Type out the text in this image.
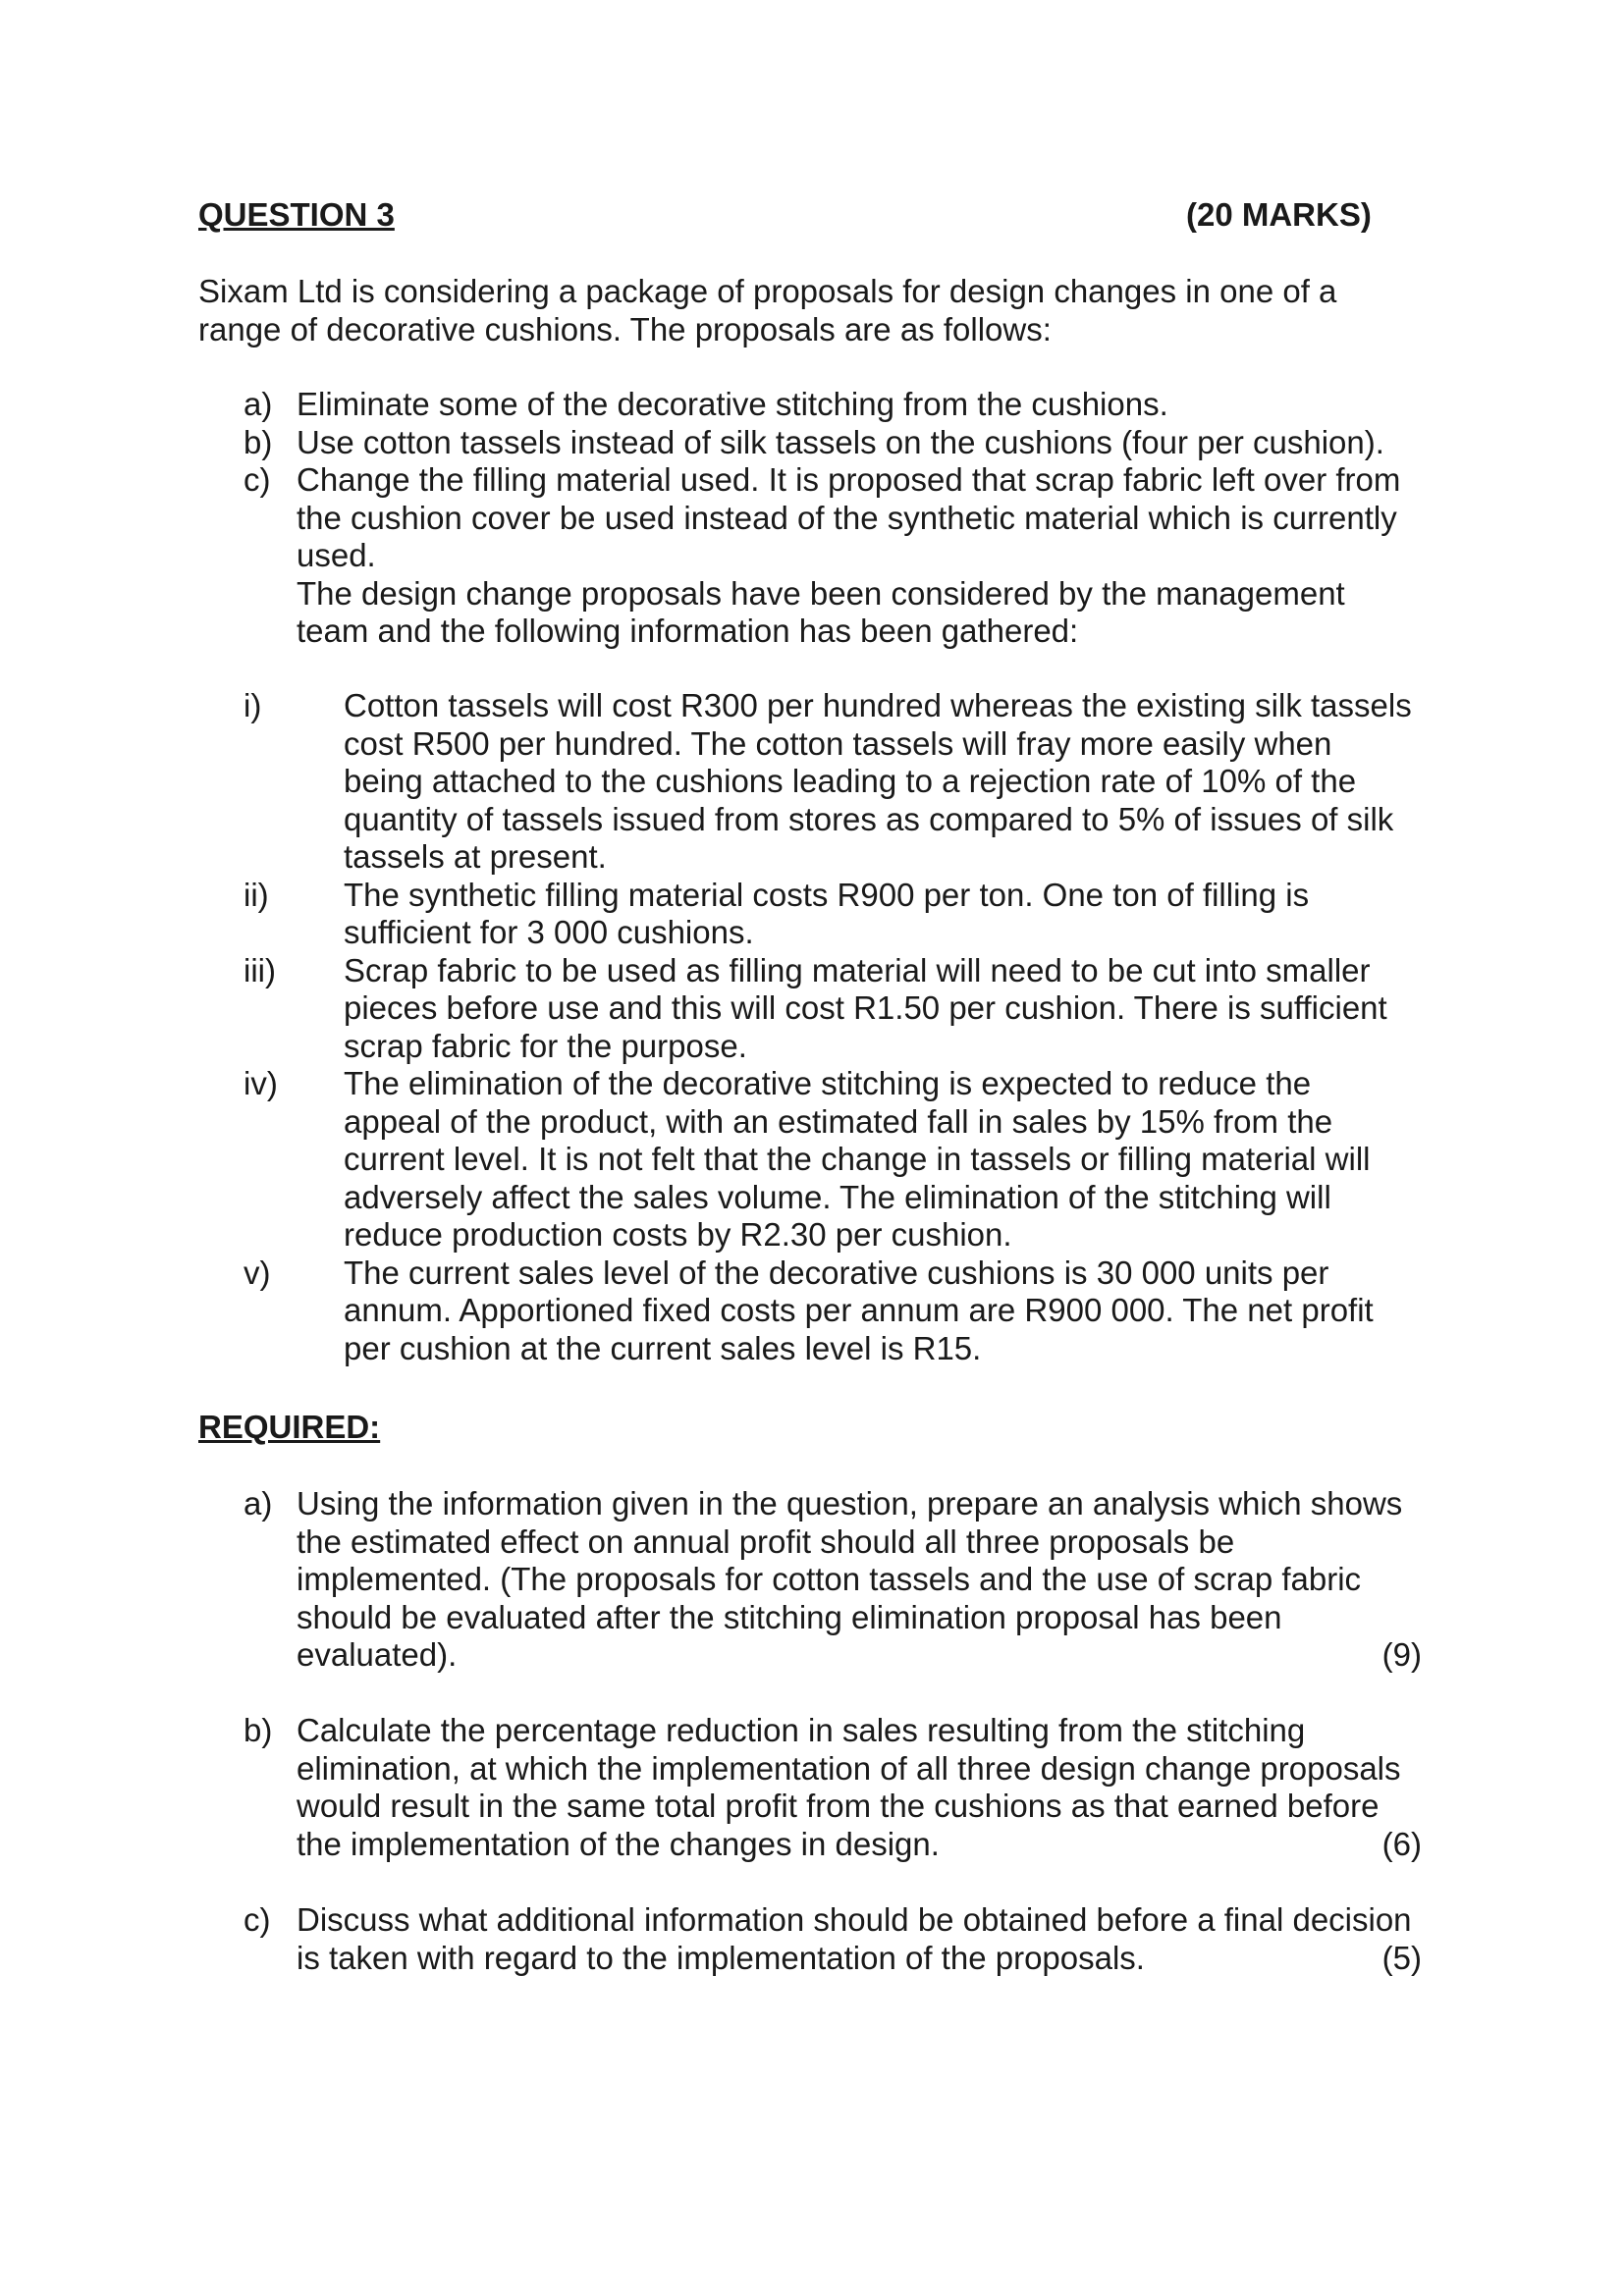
QUESTION 3	(20 MARKS)
Sixam Ltd is considering a package of proposals for design changes in one of a
range of decorative cushions. The proposals are as follows:
a) Eliminate some of the decorative stitching from the cushions.
b) Use cotton tassels instead of silk tassels on the cushions (four per cushion).
c) Change the filling material used. It is proposed that scrap fabric left over from
the cushion cover be used instead of the synthetic material which is currently
used.
The design change proposals have been considered by the management
team and the following information has been gathered:
i)	Cotton tassels will cost R300 per hundred whereas the existing silk tassels
cost R500 per hundred. The cotton tassels will fray more easily when
being attached to the cushions leading to a rejection rate of 10% of the
quantity of tassels issued from stores as compared to 5% of issues of silk
tassels at present.
ii)	The synthetic filling material costs R900 per ton. One ton of filling is
sufficient for 3 000 cushions.
iii)	Scrap fabric to be used as filling material will need to be cut into smaller
pieces before use and this will cost R1.50 per cushion. There is sufficient
scrap fabric for the purpose.
iv)	The elimination of the decorative stitching is expected to reduce the
appeal of the product, with an estimated fall in sales by 15% from the
current level. It is not felt that the change in tassels or filling material will
adversely affect the sales volume. The elimination of the stitching will
reduce production costs by R2.30 per cushion.
v)	The current sales level of the decorative cushions is 30 000 units per
annum. Apportioned fixed costs per annum are R900 000. The net profit
per cushion at the current sales level is R15.
REQUIRED:
a) Using the information given in the question, prepare an analysis which shows
the estimated effect on annual profit should all three proposals be
implemented. (The proposals for cotton tassels and the use of scrap fabric
should be evaluated after the stitching elimination proposal has been
evaluated).	(9)
b) Calculate the percentage reduction in sales resulting from the stitching
elimination, at which the implementation of all three design change proposals
would result in the same total profit from the cushions as that earned before
the implementation of the changes in design.	(6)
c) Discuss what additional information should be obtained before a final decision
is taken with regard to the implementation of the proposals.	(5)
